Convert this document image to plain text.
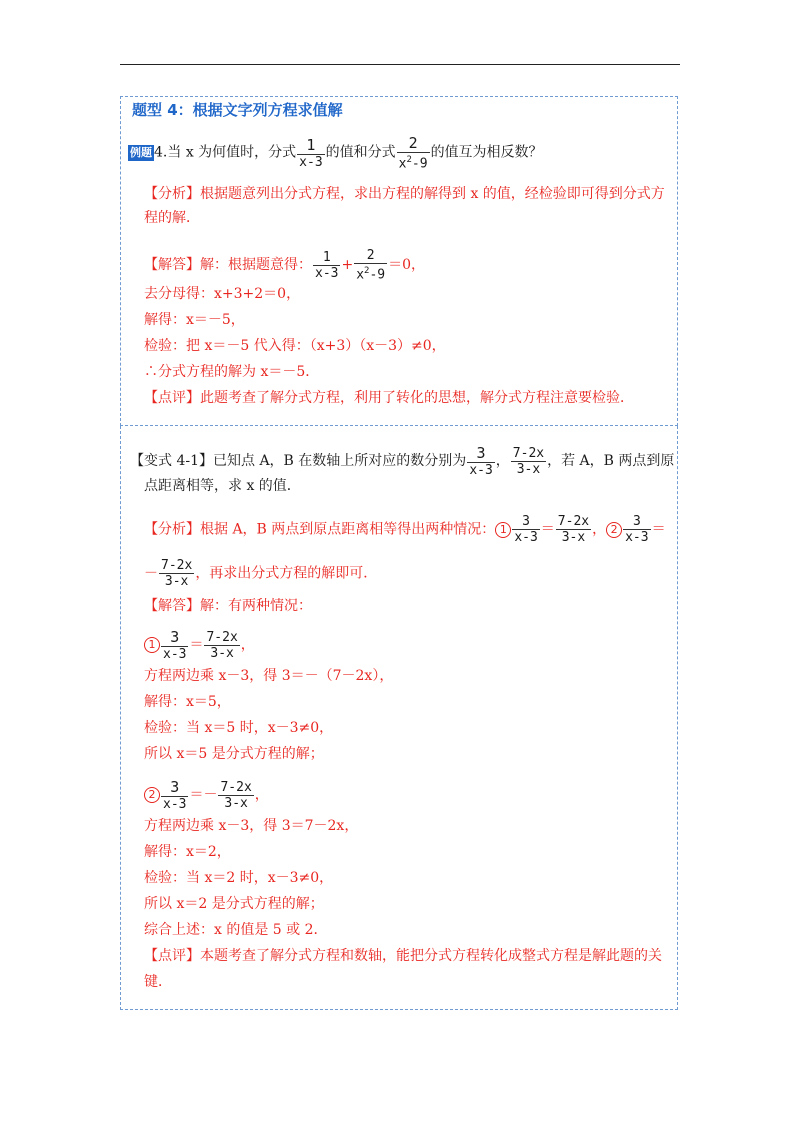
题型 4：根据文字列方程求值解
例题 4.当 x 为何值时，分式 $\frac{1}{x-3}$ 的值和分式 $\frac{2}{x^2-9}$ 的值互为相反数？
【分析】根据题意列出分式方程，求出方程的解得到 x 的值，经检验即可得到分式方
程的解．
【解答】解：根据题意得： $\frac{1}{x-3} + \frac{2}{x^2-9} =0$，
去分母得：x+3+2＝0，
解得：x＝－5，
检验：把 x＝－5 代入得：（x+3）（x－3）≠0，
∴分式方程的解为 x＝－5．
【点评】此题考查了解分式方程，利用了转化的思想，解分式方程注意要检验．
【变式 4-1】已知点 A，B 在数轴上所对应的数分别为 $\frac{3}{x-3}$ ， $\frac{7-2x}{3-x}$ ，若 A，B 两点到原
点距离相等，求 x 的值．
【分析】根据 A，B 两点到原点距离相等得出两种情况： $1 \frac{3}{x-3} = \frac{7-2x}{3-x}$ ， $2 \frac{3}{x-3}$ ＝
－ $\frac{7-2x}{3-x}$ ，再求出分式方程的解即可．
【解答】解：有两种情况：
$1 \frac{3}{x-3} = \frac{7-2x}{3-x}$ ，
方程两边乘 x－3，得 3＝－（7－2x），
解得：x＝5，
检验：当 x＝5 时，x－3≠0，
所以 x＝5 是分式方程的解；
$2 \frac{3}{x-3} =- \frac{7-2x}{3-x}$ ，
方程两边乘 x－3，得 3＝7－2x，
解得：x＝2，
检验：当 x＝2 时，x－3≠0，
所以 x＝2 是分式方程的解；
综合上述：x 的值是 5 或 2．
【点评】本题考查了解分式方程和数轴，能把分式方程转化成整式方程是解此题的关
键．
